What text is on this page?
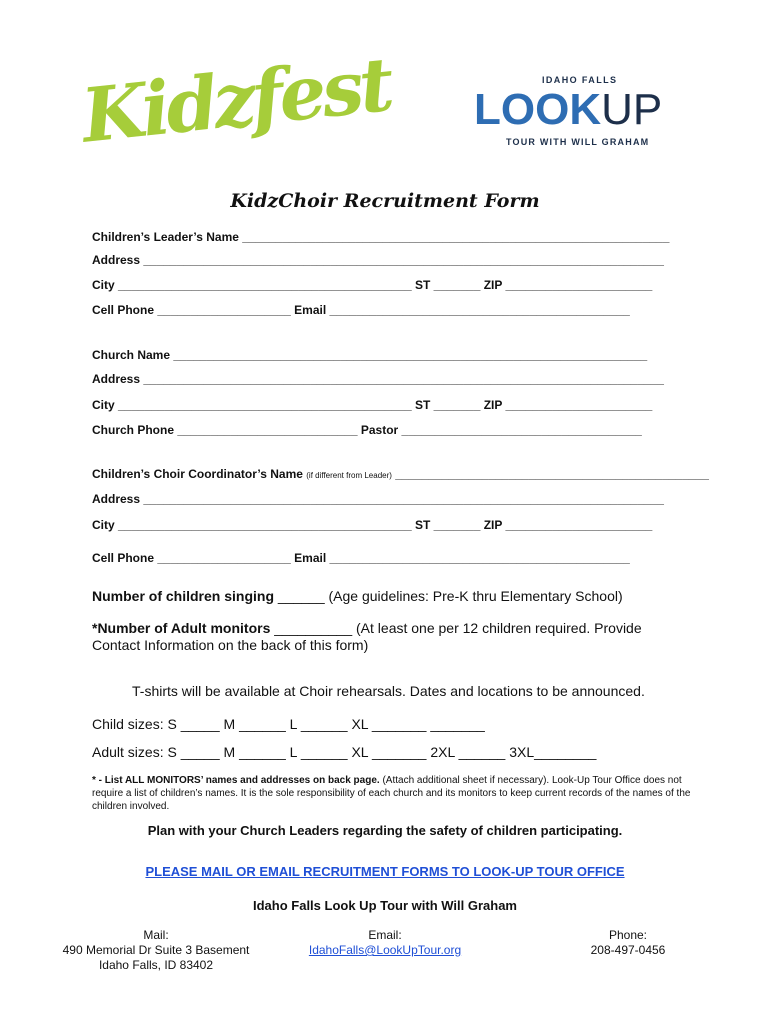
Kidzfest	IDAHO FALLS
LOOKUP
TOUR WITH WILL GRAHAM
KidzChoir Recruitment Form
Children’s Leader’s Name ________________________________________________________________
Address ______________________________________________________________________________
City ____________________________________________ ST _______ ZIP ______________________
Cell Phone ____________________ Email _____________________________________________
Church Name _______________________________________________________________________
Address ______________________________________________________________________________
City ____________________________________________ ST _______ ZIP ______________________
Church Phone ___________________________ Pastor ____________________________________
Children’s Choir Coordinator’s Name (if different from Leader) _______________________________________________
Address ______________________________________________________________________________
City ____________________________________________ ST _______ ZIP ______________________
Cell Phone ____________________ Email _____________________________________________
Number of children singing ______ (Age guidelines: Pre-K thru Elementary School)
*Number of Adult monitors __________ (At least one per 12 children required. Provide Contact Information on the back of this form)
T-shirts will be available at Choir rehearsals. Dates and locations to be announced.
Child sizes: S _____ M ______ L ______ XL _______ _______
Adult sizes: S _____ M ______ L ______ XL _______ 2XL ______ 3XL________
* - List ALL MONITORS’ names and addresses on back page. (Attach additional sheet if necessary). Look-Up Tour Office does not require a list of children’s names. It is the sole responsibility of each church and its monitors to keep current records of the names of the children involved.
Plan with your Church Leaders regarding the safety of children participating.
PLEASE MAIL OR EMAIL RECRUITMENT FORMS TO LOOK-UP TOUR OFFICE
Idaho Falls Look Up Tour with Will Graham
Mail:
490 Memorial Dr Suite 3 Basement
Idaho Falls, ID 83402
Email:
IdahoFalls@LookUpTour.org
Phone:
208-497-0456
